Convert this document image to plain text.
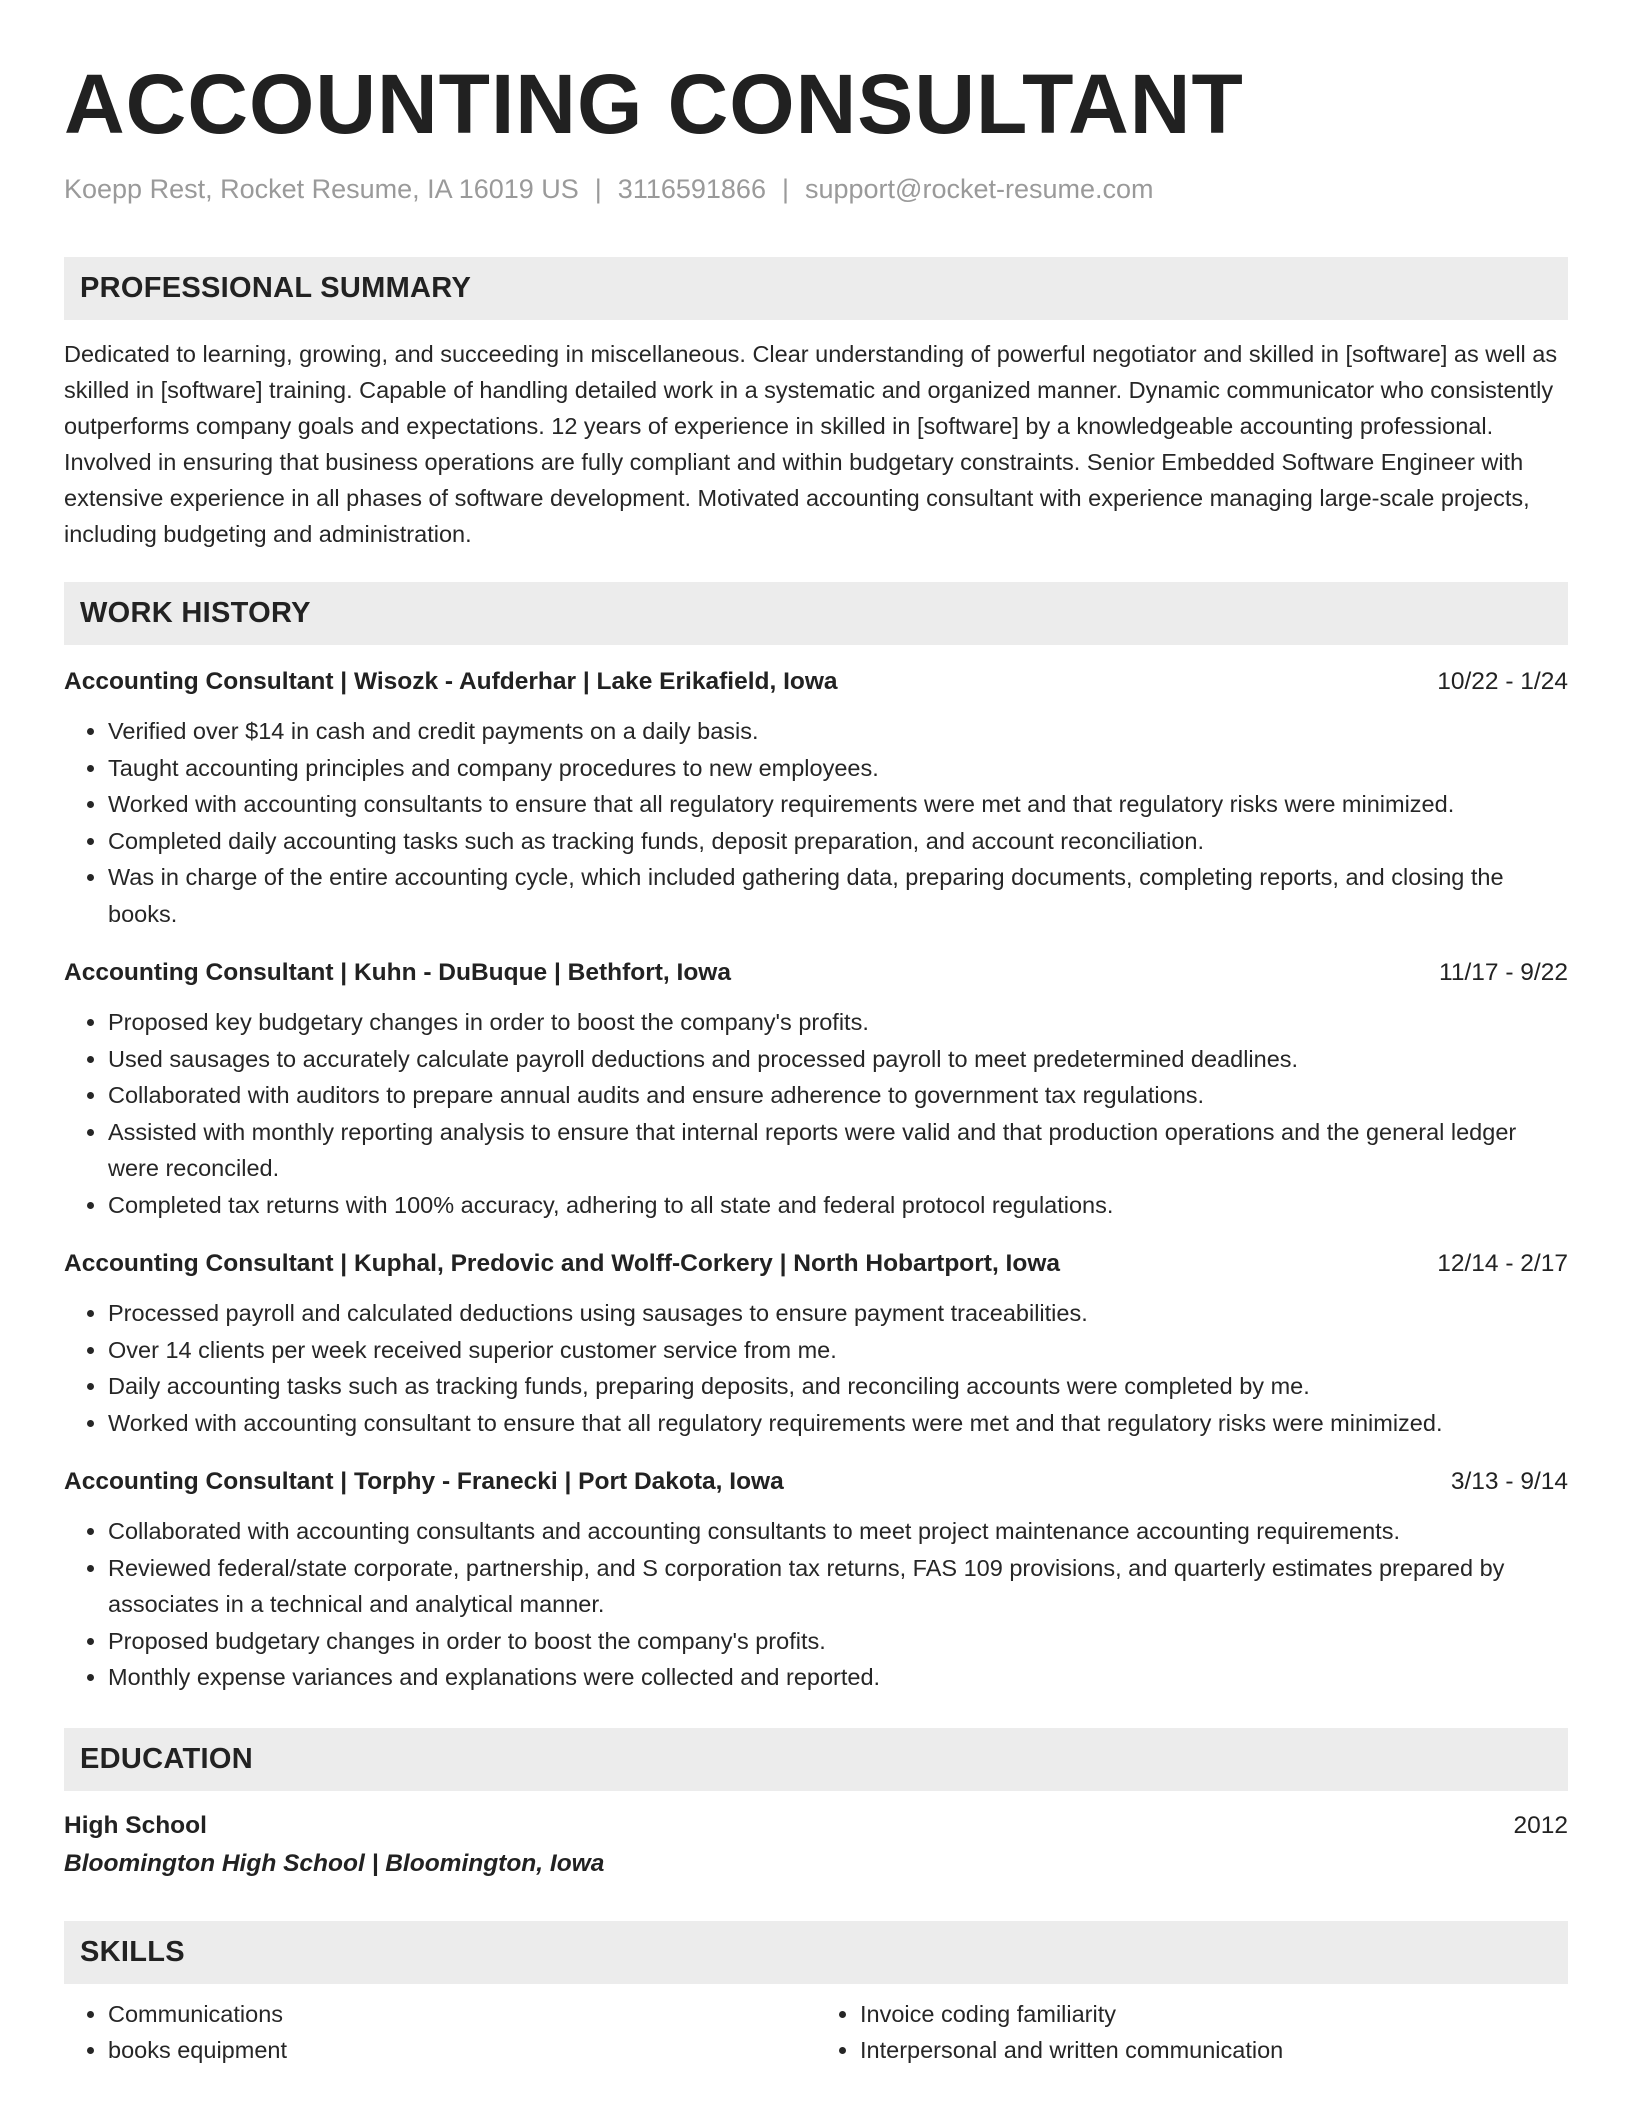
ACCOUNTING CONSULTANT
Koepp Rest, Rocket Resume, IA 16019 US | 3116591866 | support@rocket-resume.com
PROFESSIONAL SUMMARY
Dedicated to learning, growing, and succeeding in miscellaneous. Clear understanding of powerful negotiator and skilled in [software] as well as skilled in [software] training. Capable of handling detailed work in a systematic and organized manner. Dynamic communicator who consistently outperforms company goals and expectations. 12 years of experience in skilled in [software] by a knowledgeable accounting professional. Involved in ensuring that business operations are fully compliant and within budgetary constraints. Senior Embedded Software Engineer with extensive experience in all phases of software development. Motivated accounting consultant with experience managing large-scale projects, including budgeting and administration.
WORK HISTORY
Accounting Consultant | Wisozk - Aufderhar | Lake Erikafield, Iowa	10/22 - 1/24
• Verified over $14 in cash and credit payments on a daily basis.
• Taught accounting principles and company procedures to new employees.
• Worked with accounting consultants to ensure that all regulatory requirements were met and that regulatory risks were minimized.
• Completed daily accounting tasks such as tracking funds, deposit preparation, and account reconciliation.
• Was in charge of the entire accounting cycle, which included gathering data, preparing documents, completing reports, and closing the books.
Accounting Consultant | Kuhn - DuBuque | Bethfort, Iowa	11/17 - 9/22
• Proposed key budgetary changes in order to boost the company's profits.
• Used sausages to accurately calculate payroll deductions and processed payroll to meet predetermined deadlines.
• Collaborated with auditors to prepare annual audits and ensure adherence to government tax regulations.
• Assisted with monthly reporting analysis to ensure that internal reports were valid and that production operations and the general ledger were reconciled.
• Completed tax returns with 100% accuracy, adhering to all state and federal protocol regulations.
Accounting Consultant | Kuphal, Predovic and Wolff-Corkery | North Hobartport, Iowa	12/14 - 2/17
• Processed payroll and calculated deductions using sausages to ensure payment traceabilities.
• Over 14 clients per week received superior customer service from me.
• Daily accounting tasks such as tracking funds, preparing deposits, and reconciling accounts were completed by me.
• Worked with accounting consultant to ensure that all regulatory requirements were met and that regulatory risks were minimized.
Accounting Consultant | Torphy - Franecki | Port Dakota, Iowa	3/13 - 9/14
• Collaborated with accounting consultants and accounting consultants to meet project maintenance accounting requirements.
• Reviewed federal/state corporate, partnership, and S corporation tax returns, FAS 109 provisions, and quarterly estimates prepared by associates in a technical and analytical manner.
• Proposed budgetary changes in order to boost the company's profits.
• Monthly expense variances and explanations were collected and reported.
EDUCATION
High School	2012
Bloomington High School | Bloomington, Iowa
SKILLS
• Communications
• books equipment
• Invoice coding familiarity
• Interpersonal and written communication
